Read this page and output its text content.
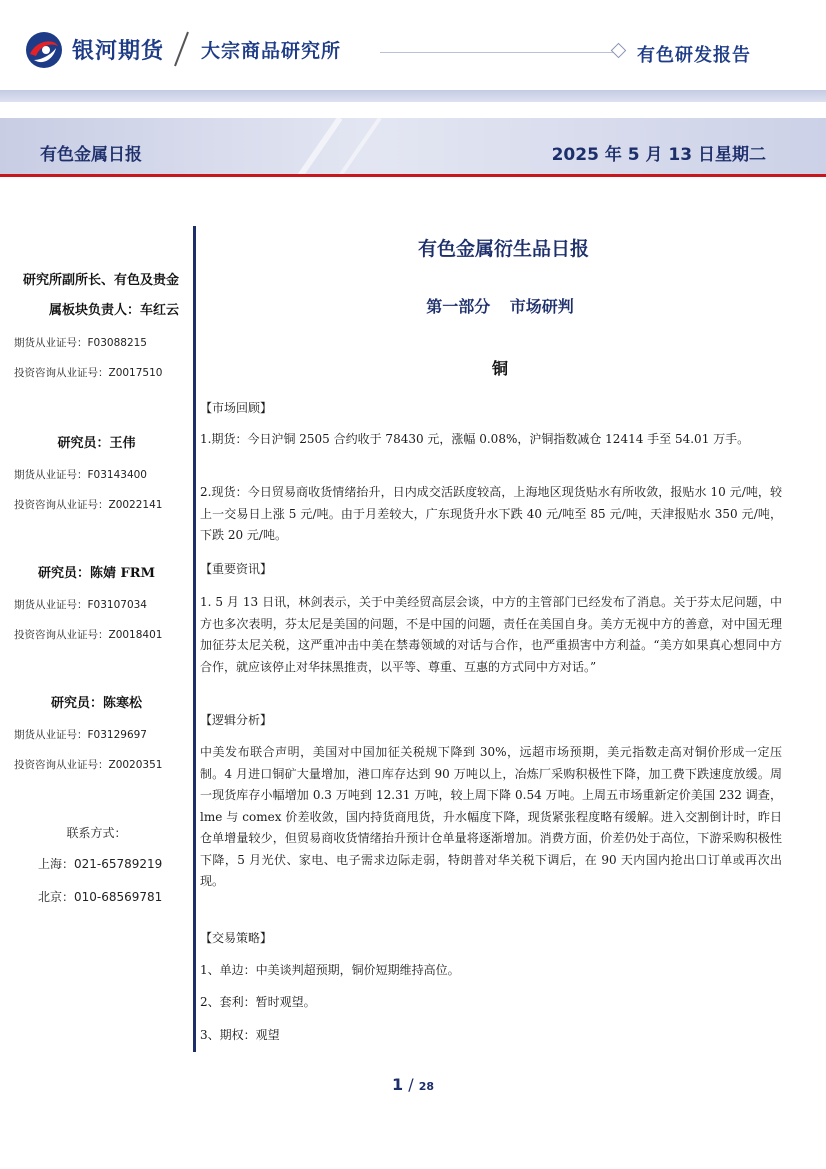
银河期货 大宗商品研究所	有色研发报告
有色金属日报	2025 年 5 月 13 日星期二
研究所副所长、有色及贵金属板块负责人：车红云
期货从业证号：F03088215
投资咨询从业证号：Z0017510
研究员：王伟
期货从业证号：F03143400
投资咨询从业证号：Z0022141
研究员：陈婧 FRM
期货从业证号：F03107034
投资咨询从业证号：Z0018401
研究员：陈寒松
期货从业证号：F03129697
投资咨询从业证号：Z0020351
联系方式：
上海：021-65789219
北京：010-68569781
有色金属衍生品日报
第一部分 市场研判
铜
【市场回顾】
1.期货：今日沪铜 2505 合约收于 78430 元，涨幅 0.08%，沪铜指数减仓 12414 手至 54.01 万手。
2.现货：今日贸易商收货情绪抬升，日内成交活跃度较高，上海地区现货贴水有所收敛，报贴水 10 元/吨，较上一交易日上涨 5 元/吨。由于月差较大，广东现货升水下跌 40 元/吨至 85 元/吨，天津报贴水 350 元/吨，下跌 20 元/吨。
【重要资讯】
1. 5 月 13 日讯，林剑表示，关于中美经贸高层会谈，中方的主管部门已经发布了消息。关于芬太尼问题，中方也多次表明，芬太尼是美国的问题，不是中国的问题，责任在美国自身。美方无视中方的善意，对中国无理加征芬太尼关税，这严重冲击中美在禁毒领域的对话与合作，也严重损害中方利益。“美方如果真心想同中方合作，就应该停止对华抹黑推责，以平等、尊重、互惠的方式同中方对话。”
【逻辑分析】
中美发布联合声明，美国对中国加征关税规下降到 30%，远超市场预期，美元指数走高对铜价形成一定压制。4 月进口铜矿大量增加，港口库存达到 90 万吨以上，冶炼厂采购积极性下降，加工费下跌速度放缓。周一现货库存小幅增加 0.3 万吨到 12.31 万吨，较上周下降 0.54 万吨。上周五市场重新定价美国 232 调查，lme 与 comex 价差收敛，国内持货商甩货，升水幅度下降，现货紧张程度略有缓解。进入交割倒计时，昨日仓单增量较少，但贸易商收货情绪抬升预计仓单量将逐渐增加。消费方面，价差仍处于高位，下游采购积极性下降，5 月光伏、家电、电子需求边际走弱，特朗普对华关税下调后，在 90 天内国内抢出口订单或再次出现。
【交易策略】
1、单边：中美谈判超预期，铜价短期维持高位。
2、套利：暂时观望。
3、期权：观望
1 / 28
